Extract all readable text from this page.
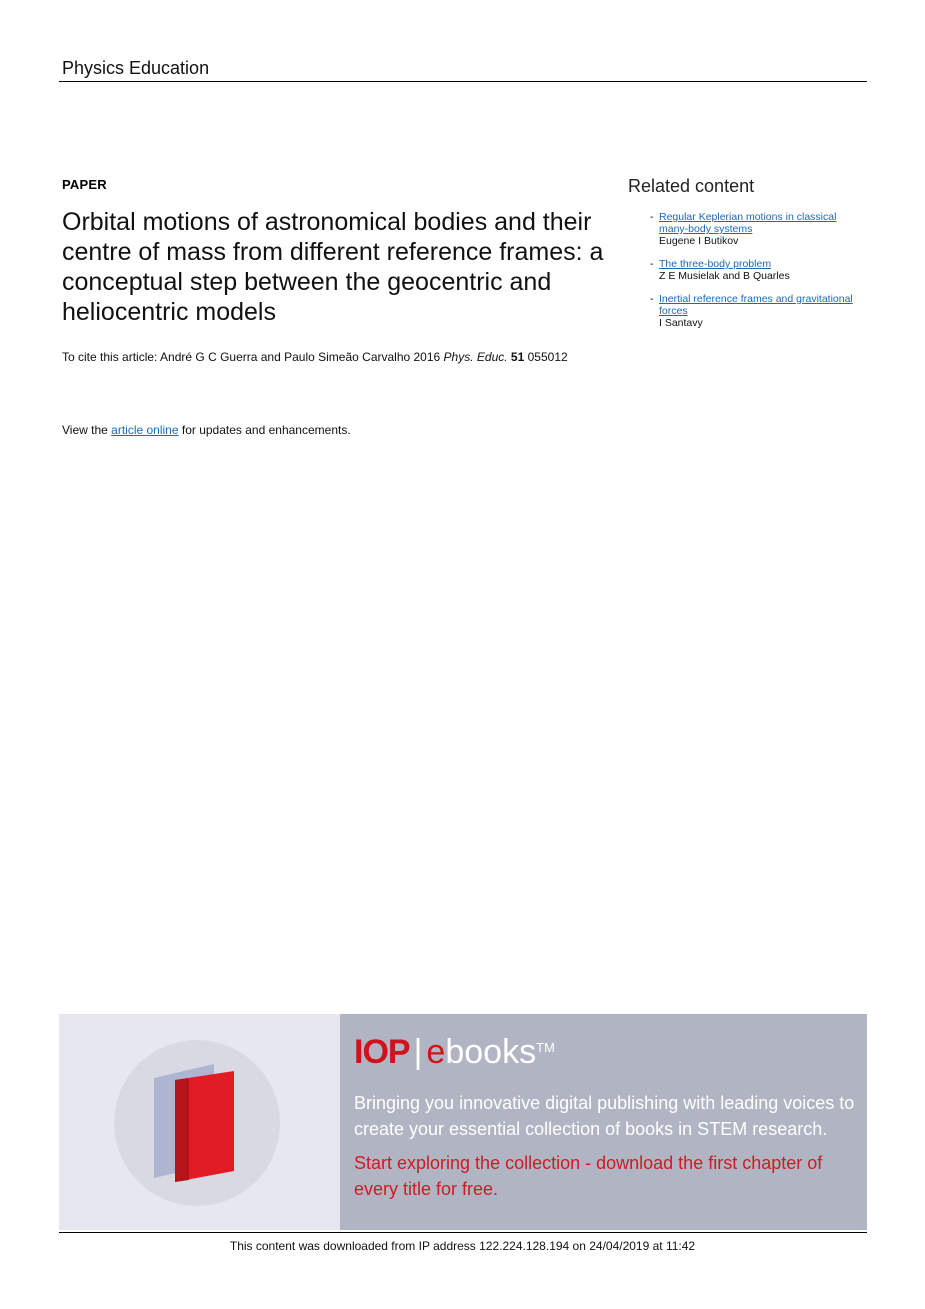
Physics Education
PAPER
Orbital motions of astronomical bodies and their centre of mass from different reference frames: a conceptual step between the geocentric and heliocentric models
To cite this article: André G C Guerra and Paulo Simeão Carvalho 2016 Phys. Educ. 51 055012
View the article online for updates and enhancements.
Related content
- Regular Keplerian motions in classical many-body systems
Eugene I Butikov
- The three-body problem
Z E Musielak and B Quarles
- Inertial reference frames and gravitational forces
I Santavy
IOP | ebooks™
Bringing you innovative digital publishing with leading voices to create your essential collection of books in STEM research.
Start exploring the collection - download the first chapter of every title for free.
This content was downloaded from IP address 122.224.128.194 on 24/04/2019 at 11:42
